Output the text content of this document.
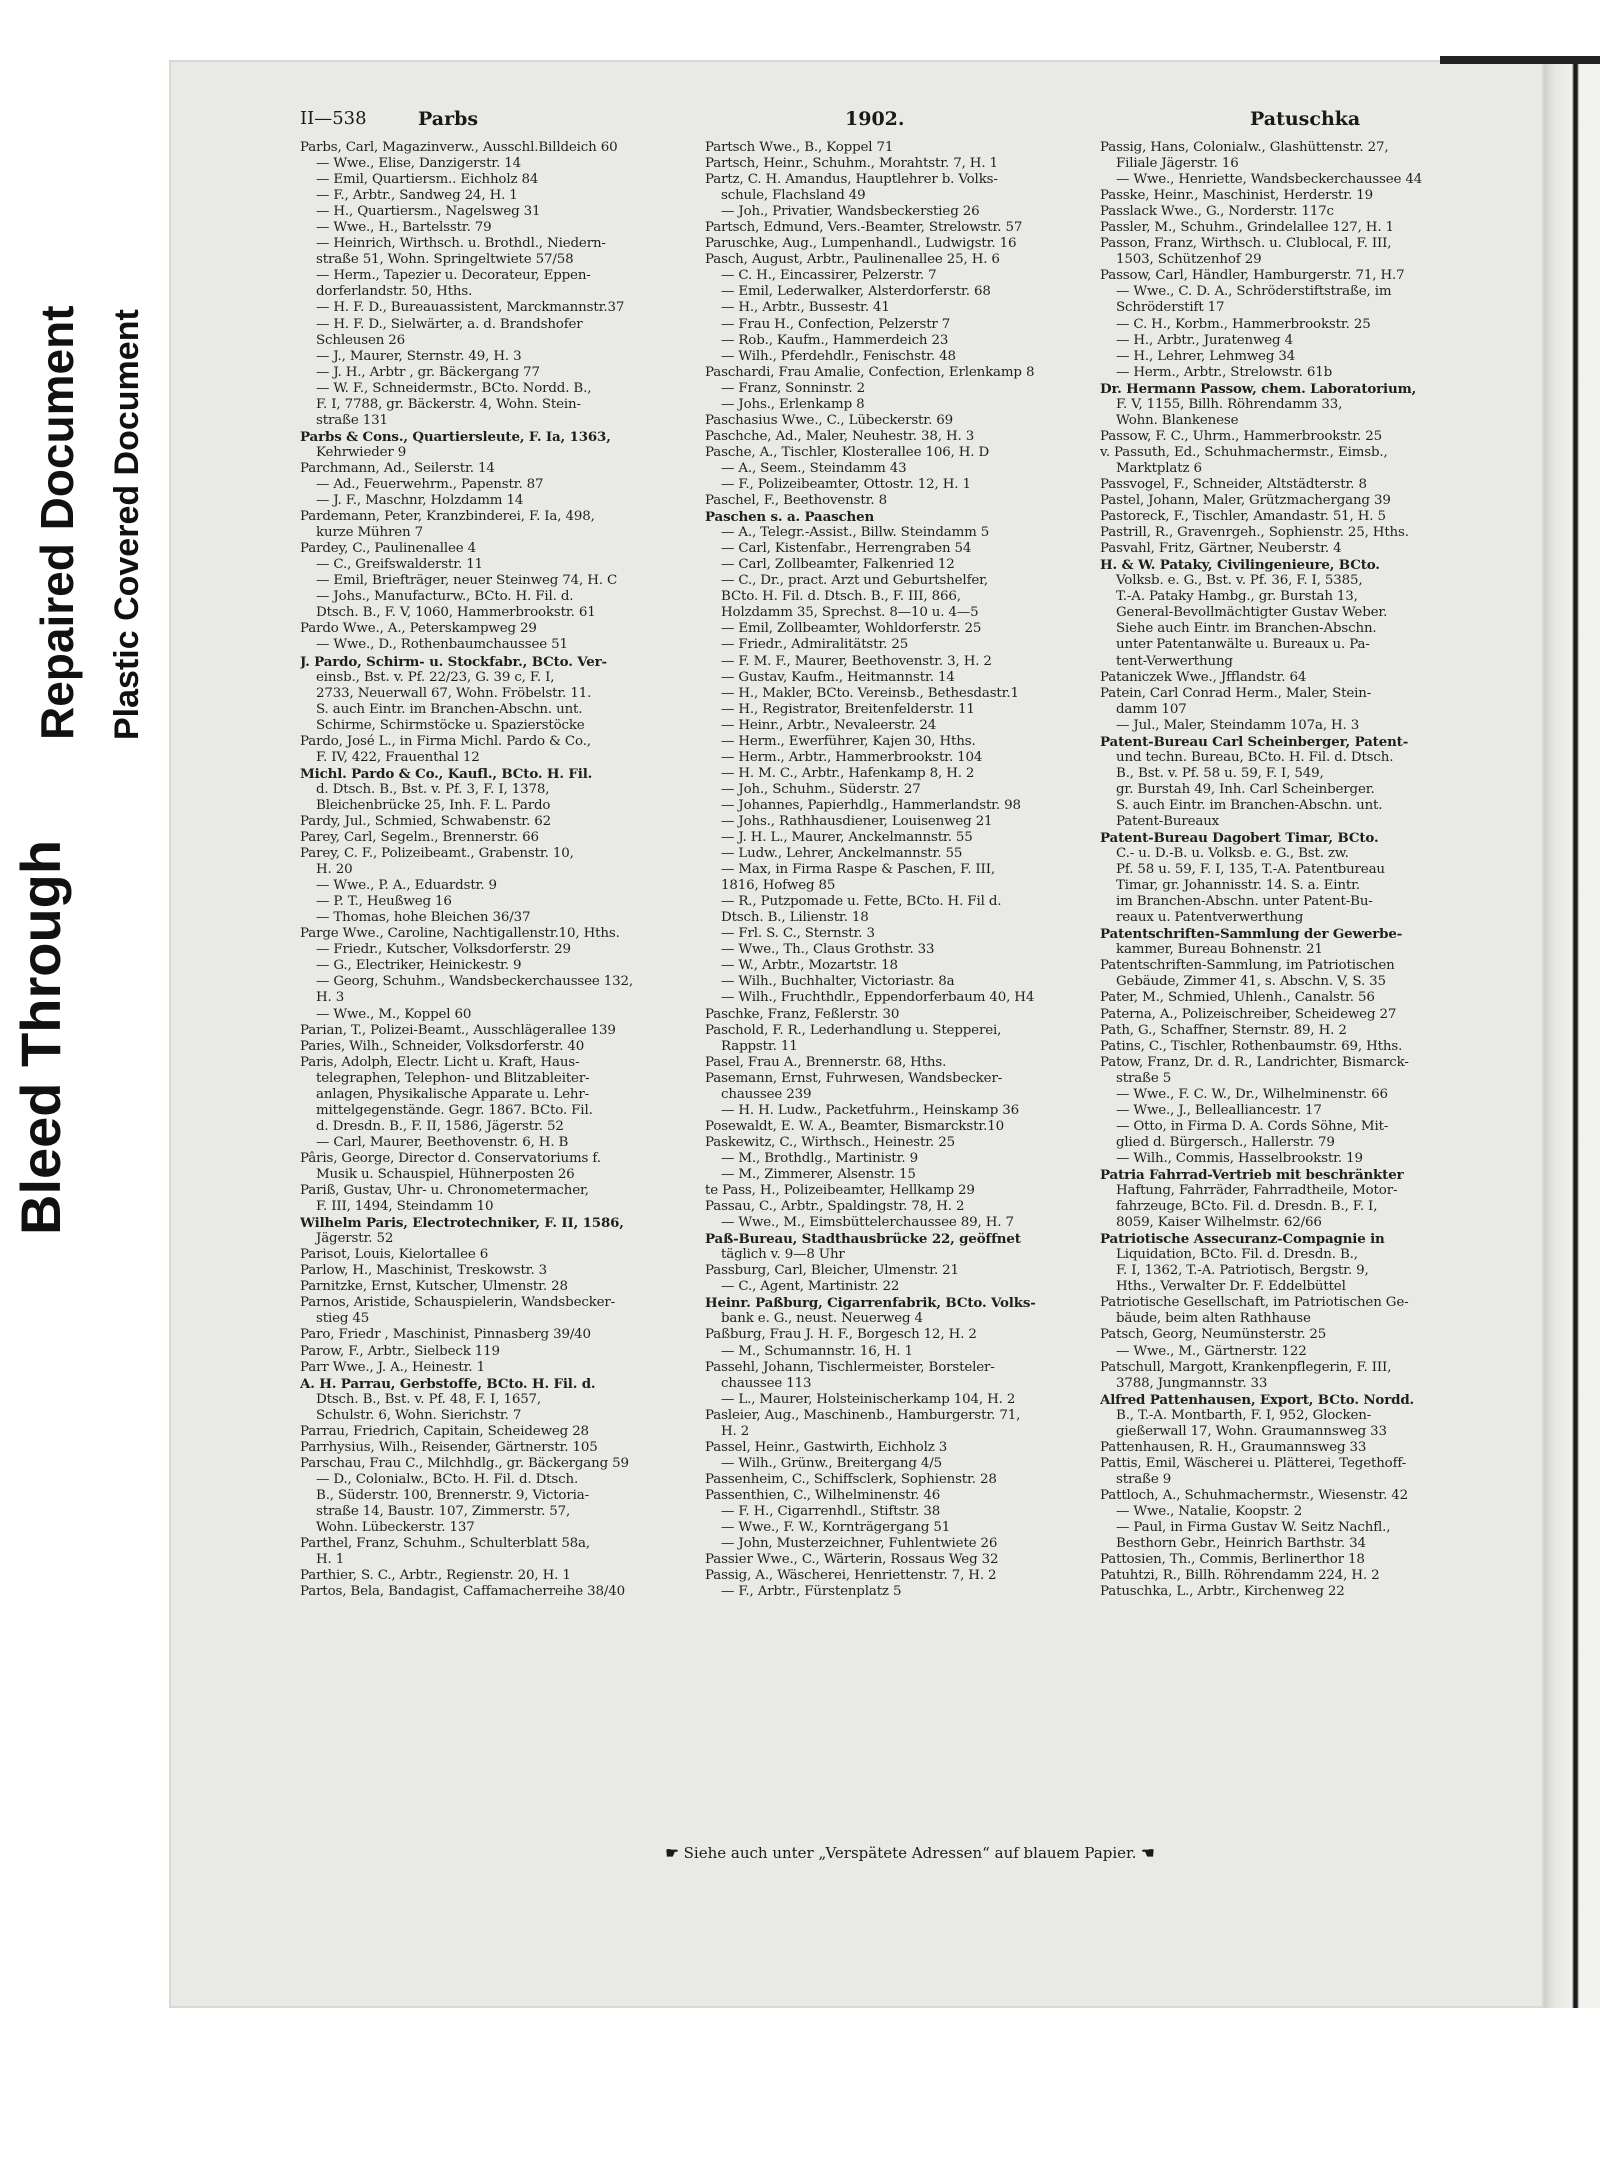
Bleed Through
Repaired Document Plastic Covered Document
II—538	Parbs	1902.	Patuschka
Parbs, Carl, Magazinverw., Ausschl.Billdeich 60
— Wwe., Elise, Danzigerstr. 14
— Emil, Quartiersm.. Eichholz 84
— F., Arbtr., Sandweg 24, H. 1
— H., Quartiersm., Nagelsweg 31
— Wwe., H., Bartelsstr. 79
— Heinrich, Wirthsch. u. Brothdl., Niedern-
straße 51, Wohn. Springeltwiete 57/58
— Herm., Tapezier u. Decorateur, Eppen-
dorferlandstr. 50, Hths.
— H. F. D., Bureauassistent, Marckmannstr.37
— H. F. D., Sielwärter, a. d. Brandshofer
Schleusen 26
— J., Maurer, Sternstr. 49, H. 3
— J. H., Arbtr , gr. Bäckergang 77
— W. F., Schneidermstr., BCto. Nordd. B.,
F. I, 7788, gr. Bäckerstr. 4, Wohn. Stein-
straße 131
Parbs & Cons., Quartiersleute, F. Ia, 1363,
Kehrwieder 9
Parchmann, Ad., Seilerstr. 14
— Ad., Feuerwehrm., Papenstr. 87
— J. F., Maschnr, Holzdamm 14
Pardemann, Peter, Kranzbinderei, F. Ia, 498,
kurze Mühren 7
Pardey, C., Paulinenallee 4
— C., Greifswalderstr. 11
— Emil, Briefträger, neuer Steinweg 74, H. C
— Johs., Manufacturw., BCto. H. Fil. d.
Dtsch. B., F. V, 1060, Hammerbrookstr. 61
Pardo Wwe., A., Peterskampweg 29
— Wwe., D., Rothenbaumchaussee 51
J. Pardo, Schirm- u. Stockfabr., BCto. Ver-
einsb., Bst. v. Pf. 22/23, G. 39 c, F. I,
2733, Neuerwall 67, Wohn. Fröbelstr. 11.
S. auch Eintr. im Branchen-Abschn. unt.
Schirme, Schirmstöcke u. Spazierstöcke
Pardo, José L., in Firma Michl. Pardo & Co.,
F. IV, 422, Frauenthal 12
Michl. Pardo & Co., Kaufl., BCto. H. Fil.
d. Dtsch. B., Bst. v. Pf. 3, F. I, 1378,
Bleichenbrücke 25, Inh. F. L. Pardo
Pardy, Jul., Schmied, Schwabenstr. 62
Parey, Carl, Segelm., Brennerstr. 66
Parey, C. F., Polizeibeamt., Grabenstr. 10,
H. 20
— Wwe., P. A., Eduardstr. 9
— P. T., Heußweg 16
— Thomas, hohe Bleichen 36/37
Parge Wwe., Caroline, Nachtigallenstr.10, Hths.
— Friedr., Kutscher, Volksdorferstr. 29
— G., Electriker, Heinickestr. 9
— Georg, Schuhm., Wandsbeckerchaussee 132,
H. 3
— Wwe., M., Koppel 60
Parian, T., Polizei-Beamt., Ausschlägerallee 139
Paries, Wilh., Schneider, Volksdorferstr. 40
Paris, Adolph, Electr. Licht u. Kraft, Haus-
telegraphen, Telephon- und Blitzableiter-
anlagen, Physikalische Apparate u. Lehr-
mittelgegenstände. Gegr. 1867. BCto. Fil.
d. Dresdn. B., F. II, 1586, Jägerstr. 52
— Carl, Maurer, Beethovenstr. 6, H. B
Pâris, George, Director d. Conservatoriums f.
Musik u. Schauspiel, Hühnerposten 26
Pariß, Gustav, Uhr- u. Chronometermacher,
F. III, 1494, Steindamm 10
Wilhelm Paris, Electrotechniker, F. II, 1586,
Jägerstr. 52
Parisot, Louis, Kielortallee 6
Parlow, H., Maschinist, Treskowstr. 3
Parnitzke, Ernst, Kutscher, Ulmenstr. 28
Parnos, Aristide, Schauspielerin, Wandsbecker-
stieg 45
Paro, Friedr , Maschinist, Pinnasberg 39/40
Parow, F., Arbtr., Sielbeck 119
Parr Wwe., J. A., Heinestr. 1
A. H. Parrau, Gerbstoffe, BCto. H. Fil. d.
Dtsch. B., Bst. v. Pf. 48, F. I, 1657,
Schulstr. 6, Wohn. Sierichstr. 7
Parrau, Friedrich, Capitain, Scheideweg 28
Parrhysius, Wilh., Reisender, Gärtnerstr. 105
Parschau, Frau C., Milchhdlg., gr. Bäckergang 59
— D., Colonialw., BCto. H. Fil. d. Dtsch.
B., Süderstr. 100, Brennerstr. 9, Victoria-
straße 14, Baustr. 107, Zimmerstr. 57,
Wohn. Lübeckerstr. 137
Parthel, Franz, Schuhm., Schulterblatt 58a,
H. 1
Parthier, S. C., Arbtr., Regienstr. 20, H. 1
Partos, Bela, Bandagist, Caffamacherreihe 38/40
Partsch Wwe., B., Koppel 71
Partsch, Heinr., Schuhm., Morahtstr. 7, H. 1
Partz, C. H. Amandus, Hauptlehrer b. Volks-
schule, Flachsland 49
— Joh., Privatier, Wandsbeckerstieg 26
Partsch, Edmund, Vers.-Beamter, Strelowstr. 57
Paruschke, Aug., Lumpenhandl., Ludwigstr. 16
Pasch, August, Arbtr., Paulinenallee 25, H. 6
— C. H., Eincassirer, Pelzerstr. 7
— Emil, Lederwalker, Alsterdorferstr. 68
— H., Arbtr., Bussestr. 41
— Frau H., Confection, Pelzerstr 7
— Rob., Kaufm., Hammerdeich 23
— Wilh., Pferdehdlr., Fenischstr. 48
Paschardi, Frau Amalie, Confection, Erlenkamp 8
— Franz, Sonninstr. 2
— Johs., Erlenkamp 8
Paschasius Wwe., C., Lübeckerstr. 69
Paschche, Ad., Maler, Neuhestr. 38, H. 3
Pasche, A., Tischler, Klosterallee 106, H. D
— A., Seem., Steindamm 43
— F., Polizeibeamter, Ottostr. 12, H. 1
Paschel, F., Beethovenstr. 8
Paschen s. a. Paaschen
— A., Telegr.-Assist., Billw. Steindamm 5
— Carl, Kistenfabr., Herrengraben 54
— Carl, Zollbeamter, Falkenried 12
— C., Dr., pract. Arzt und Geburtshelfer,
BCto. H. Fil. d. Dtsch. B., F. III, 866,
Holzdamm 35, Sprechst. 8—10 u. 4—5
— Emil, Zollbeamter, Wohldorferstr. 25
— Friedr., Admiralitätstr. 25
— F. M. F., Maurer, Beethovenstr. 3, H. 2
— Gustav, Kaufm., Heitmannstr. 14
— H., Makler, BCto. Vereinsb., Bethesdastr.1
— H., Registrator, Breitenfelderstr. 11
— Heinr., Arbtr., Nevaleerstr. 24
— Herm., Ewerführer, Kajen 30, Hths.
— Herm., Arbtr., Hammerbrookstr. 104
— H. M. C., Arbtr., Hafenkamp 8, H. 2
— Joh., Schuhm., Süderstr. 27
— Johannes, Papierhdlg., Hammerlandstr. 98
— Johs., Rathhausdiener, Louisenweg 21
— J. H. L., Maurer, Anckelmannstr. 55
— Ludw., Lehrer, Anckelmannstr. 55
— Max, in Firma Raspe & Paschen, F. III,
1816, Hofweg 85
— R., Putzpomade u. Fette, BCto. H. Fil d.
Dtsch. B., Lilienstr. 18
— Frl. S. C., Sternstr. 3
— Wwe., Th., Claus Grothstr. 33
— W., Arbtr., Mozartstr. 18
— Wilh., Buchhalter, Victoriastr. 8a
— Wilh., Fruchthdlr., Eppendorferbaum 40, H4
Paschke, Franz, Feßlerstr. 30
Paschold, F. R., Lederhandlung u. Stepperei,
Rappstr. 11
Pasel, Frau A., Brennerstr. 68, Hths.
Pasemann, Ernst, Fuhrwesen, Wandsbecker-
chaussee 239
— H. H. Ludw., Packetfuhrm., Heinskamp 36
Posewaldt, E. W. A., Beamter, Bismarckstr.10
Paskewitz, C., Wirthsch., Heinestr. 25
— M., Brothdlg., Martinistr. 9
— M., Zimmerer, Alsenstr. 15
te Pass, H., Polizeibeamter, Hellkamp 29
Passau, C., Arbtr., Spaldingstr. 78, H. 2
— Wwe., M., Eimsbüttelerchaussee 89, H. 7
Paß-Bureau, Stadthausbrücke 22, geöffnet
täglich v. 9—8 Uhr
Passburg, Carl, Bleicher, Ulmenstr. 21
— C., Agent, Martinistr. 22
Heinr. Paßburg, Cigarrenfabrik, BCto. Volks-
bank e. G., neust. Neuerweg 4
Paßburg, Frau J. H. F., Borgesch 12, H. 2
— M., Schumannstr. 16, H. 1
Passehl, Johann, Tischlermeister, Borsteler-
chaussee 113
— L., Maurer, Holsteinischerkamp 104, H. 2
Pasleier, Aug., Maschinenb., Hamburgerstr. 71,
H. 2
Passel, Heinr., Gastwirth, Eichholz 3
— Wilh., Grünw., Breitergang 4/5
Passenheim, C., Schiffsclerk, Sophienstr. 28
Passenthien, C., Wilhelminenstr. 46
— F. H., Cigarrenhdl., Stiftstr. 38
— Wwe., F. W., Kornträgergang 51
— John, Musterzeichner, Fuhlentwiete 26
Passier Wwe., C., Wärterin, Rossaus Weg 32
Passig, A., Wäscherei, Henriettenstr. 7, H. 2
— F., Arbtr., Fürstenplatz 5
Passig, Hans, Colonialw., Glashüttenstr. 27,
Filiale Jägerstr. 16
— Wwe., Henriette, Wandsbeckerchaussee 44
Passke, Heinr., Maschinist, Herderstr. 19
Passlack Wwe., G., Norderstr. 117c
Passler, M., Schuhm., Grindelallee 127, H. 1
Passon, Franz, Wirthsch. u. Clublocal, F. III,
1503, Schützenhof 29
Passow, Carl, Händler, Hamburgerstr. 71, H.7
— Wwe., C. D. A., Schröderstiftstraße, im
Schröderstift 17
— C. H., Korbm., Hammerbrookstr. 25
— H., Arbtr., Juratenweg 4
— H., Lehrer, Lehmweg 34
— Herm., Arbtr., Strelowstr. 61b
Dr. Hermann Passow, chem. Laboratorium,
F. V, 1155, Billh. Röhrendamm 33,
Wohn. Blankenese
Passow, F. C., Uhrm., Hammerbrookstr. 25
v. Passuth, Ed., Schuhmachermstr., Eimsb.,
Marktplatz 6
Passvogel, F., Schneider, Altstädterstr. 8
Pastel, Johann, Maler, Grützmachergang 39
Pastoreck, F., Tischler, Amandastr. 51, H. 5
Pastrill, R., Gravenrgeh., Sophienstr. 25, Hths.
Pasvahl, Fritz, Gärtner, Neuberstr. 4
H. & W. Pataky, Civilingenieure, BCto.
Volksb. e. G., Bst. v. Pf. 36, F. I, 5385,
T.-A. Pataky Hambg., gr. Burstah 13,
General-Bevollmächtigter Gustav Weber.
Siehe auch Eintr. im Branchen-Abschn.
unter Patentanwälte u. Bureaux u. Pa-
tent-Verwerthung
Pataniczek Wwe., Jfflandstr. 64
Patein, Carl Conrad Herm., Maler, Stein-
damm 107
— Jul., Maler, Steindamm 107a, H. 3
Patent-Bureau Carl Scheinberger, Patent-
und techn. Bureau, BCto. H. Fil. d. Dtsch.
B., Bst. v. Pf. 58 u. 59, F. I, 549,
gr. Burstah 49, Inh. Carl Scheinberger.
S. auch Eintr. im Branchen-Abschn. unt.
Patent-Bureaux
Patent-Bureau Dagobert Timar, BCto.
C.- u. D.-B. u. Volksb. e. G., Bst. zw.
Pf. 58 u. 59, F. I, 135, T.-A. Patentbureau
Timar, gr. Johannisstr. 14. S. a. Eintr.
im Branchen-Abschn. unter Patent-Bu-
reaux u. Patentverwerthung
Patentschriften-Sammlung der Gewerbe-
kammer, Bureau Bohnenstr. 21
Patentschriften-Sammlung, im Patriotischen
Gebäude, Zimmer 41, s. Abschn. V, S. 35
Pater, M., Schmied, Uhlenh., Canalstr. 56
Paterna, A., Polizeischreiber, Scheideweg 27
Path, G., Schaffner, Sternstr. 89, H. 2
Patins, C., Tischler, Rothenbaumstr. 69, Hths.
Patow, Franz, Dr. d. R., Landrichter, Bismarck-
straße 5
— Wwe., F. C. W., Dr., Wilhelminenstr. 66
— Wwe., J., Bellealliancestr. 17
— Otto, in Firma D. A. Cords Söhne, Mit-
glied d. Bürgersch., Hallerstr. 79
— Wilh., Commis, Hasselbrookstr. 19
Patria Fahrrad-Vertrieb mit beschränkter
Haftung, Fahrräder, Fahrradtheile, Motor-
fahrzeuge, BCto. Fil. d. Dresdn. B., F. I,
8059, Kaiser Wilhelmstr. 62/66
Patriotische Assecuranz-Compagnie in
Liquidation, BCto. Fil. d. Dresdn. B.,
F. I, 1362, T.-A. Patriotisch, Bergstr. 9,
Hths., Verwalter Dr. F. Eddelbüttel
Patriotische Gesellschaft, im Patriotischen Ge-
bäude, beim alten Rathhause
Patsch, Georg, Neumünsterstr. 25
— Wwe., M., Gärtnerstr. 122
Patschull, Margott, Krankenpflegerin, F. III,
3788, Jungmannstr. 33
Alfred Pattenhausen, Export, BCto. Nordd.
B., T.-A. Montbarth, F. I, 952, Glocken-
gießerwall 17, Wohn. Graumannsweg 33
Pattenhausen, R. H., Graumannsweg 33
Pattis, Emil, Wäscherei u. Plätterei, Tegethoff-
straße 9
Pattloch, A., Schuhmachermstr., Wiesenstr. 42
— Wwe., Natalie, Koopstr. 2
— Paul, in Firma Gustav W. Seitz Nachfl.,
Besthorn Gebr., Heinrich Barthstr. 34
Pattosien, Th., Commis, Berlinerthor 18
Patuhtzi, R., Billh. Röhrendamm 224, H. 2
Patuschka, L., Arbtr., Kirchenweg 22
☛ Siehe auch unter „Verspätete Adressen“ auf blauem Papier. ☚
